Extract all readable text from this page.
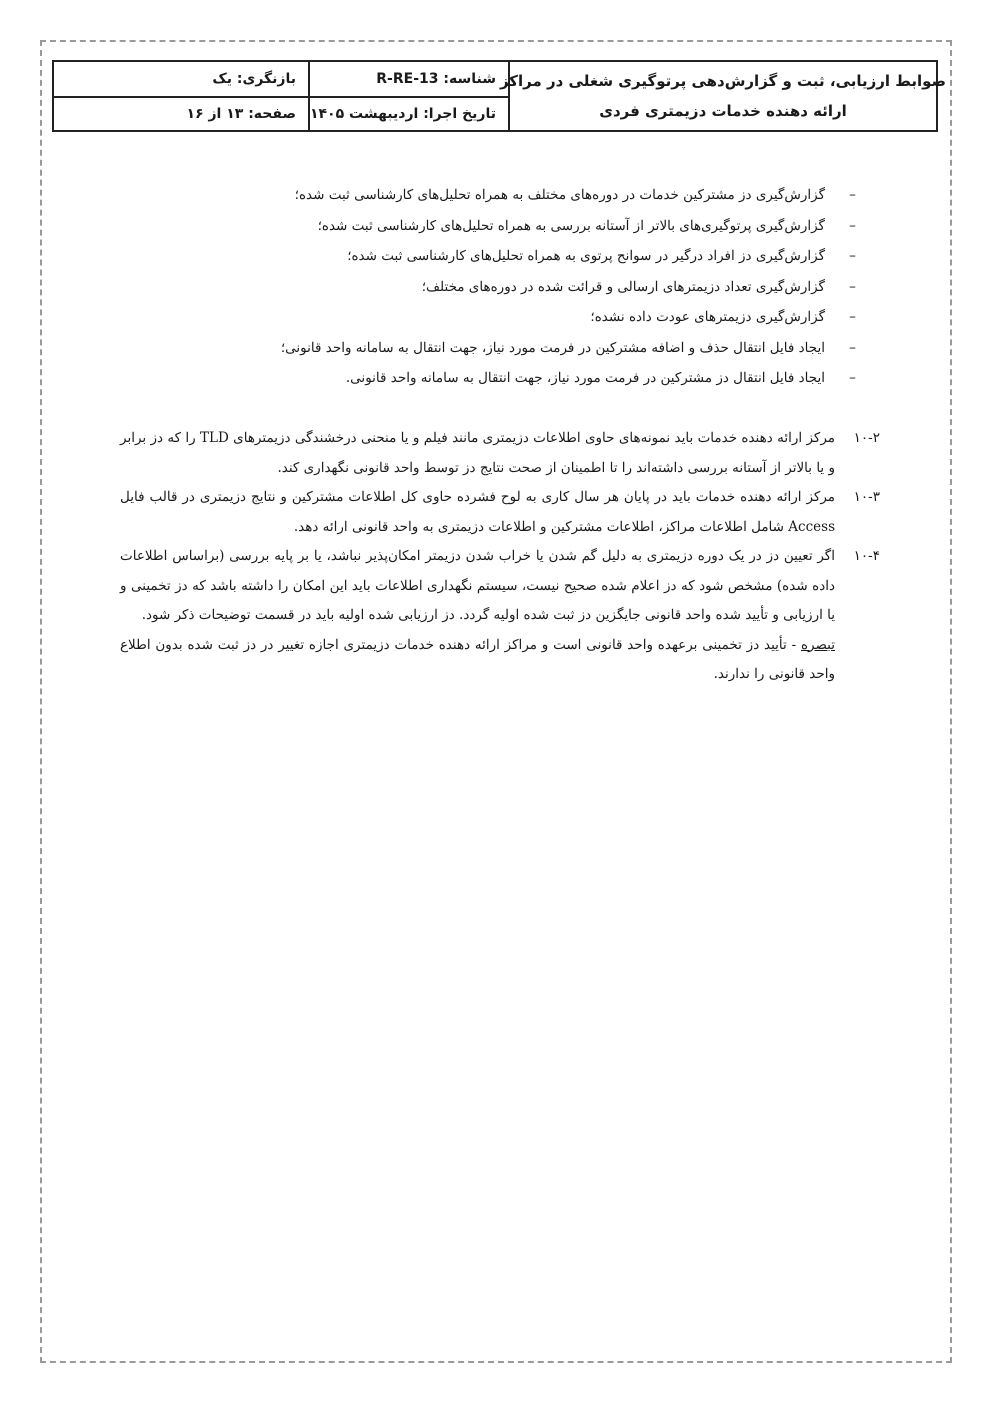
ضوابط ارزیابی، ثبت و گزارش‌دهی پرتوگیری شغلی در مراکز
ارائه دهنده خدمات دزیمتری فردی
شناسه: R-RE-13
بازنگری: یک
تاریخ اجرا: اردیبهشت ۱۴۰۵
صفحه: ۱۳ از ۱۶
–
گزارش‌گیری دز مشترکین خدمات در دوره‌های مختلف به همراه تحلیل‌های کارشناسی ثبت شده؛
–
گزارش‌گیری پرتوگیری‌های بالاتر از آستانه بررسی به همراه تحلیل‌های کارشناسی ثبت شده؛
–
گزارش‌گیری دز افراد درگیر در سوانح پرتوی به همراه تحلیل‌های کارشناسی ثبت شده؛
–
گزارش‌گیری تعداد دزیمترهای ارسالی و قرائت شده در دوره‌های مختلف؛
–
گزارش‌گیری دزیمترهای عودت داده نشده؛
–
ایجاد فایل انتقال حذف و اضافه مشترکین در فرمت مورد نیاز، جهت انتقال به سامانه واحد قانونی؛
–
ایجاد فایل انتقال دز مشترکین در فرمت مورد نیاز، جهت انتقال به سامانه واحد قانونی.
۱۰-۲
مرکز ارائه دهنده خدمات باید نمونه‌های حاوی اطلاعات دزیمتری مانند فیلم و یا منحنی درخشندگی دزیمترهای TLD را که دز برابر و یا بالاتر از آستانه بررسی داشته‌اند را تا اطمینان از صحت نتایج دز توسط واحد قانونی نگهداری کند.
۱۰-۳
مرکز ارائه دهنده خدمات باید در پایان هر سال کاری به لوح فشرده حاوی کل اطلاعات مشترکین و نتایج دزیمتری در قالب فایل Access شامل اطلاعات مراکز، اطلاعات مشترکین و اطلاعات دزیمتری به واحد قانونی ارائه دهد.
۱۰-۴
اگر تعیین دز در یک دوره دزیمتری به دلیل گم شدن یا خراب شدن دزیمتر امکان‌پذیر نباشد، یا بر پایه بررسی (براساس اطلاعات داده شده) مشخص شود که دز اعلام شده صحیح نیست، سیستم نگهداری اطلاعات باید این امکان را داشته باشد که دز تخمینی و یا ارزیابی و تأیید شده واحد قانونی جایگزین دز ثبت شده اولیه گردد. دز ارزیابی شده اولیه باید در قسمت توضیحات ذکر شود.
تبصره - تأیید دز تخمینی برعهده واحد قانونی است و مراکز ارائه دهنده خدمات دزیمتری اجازه تغییر در دز ثبت شده بدون اطلاع واحد قانونی را ندارند.
